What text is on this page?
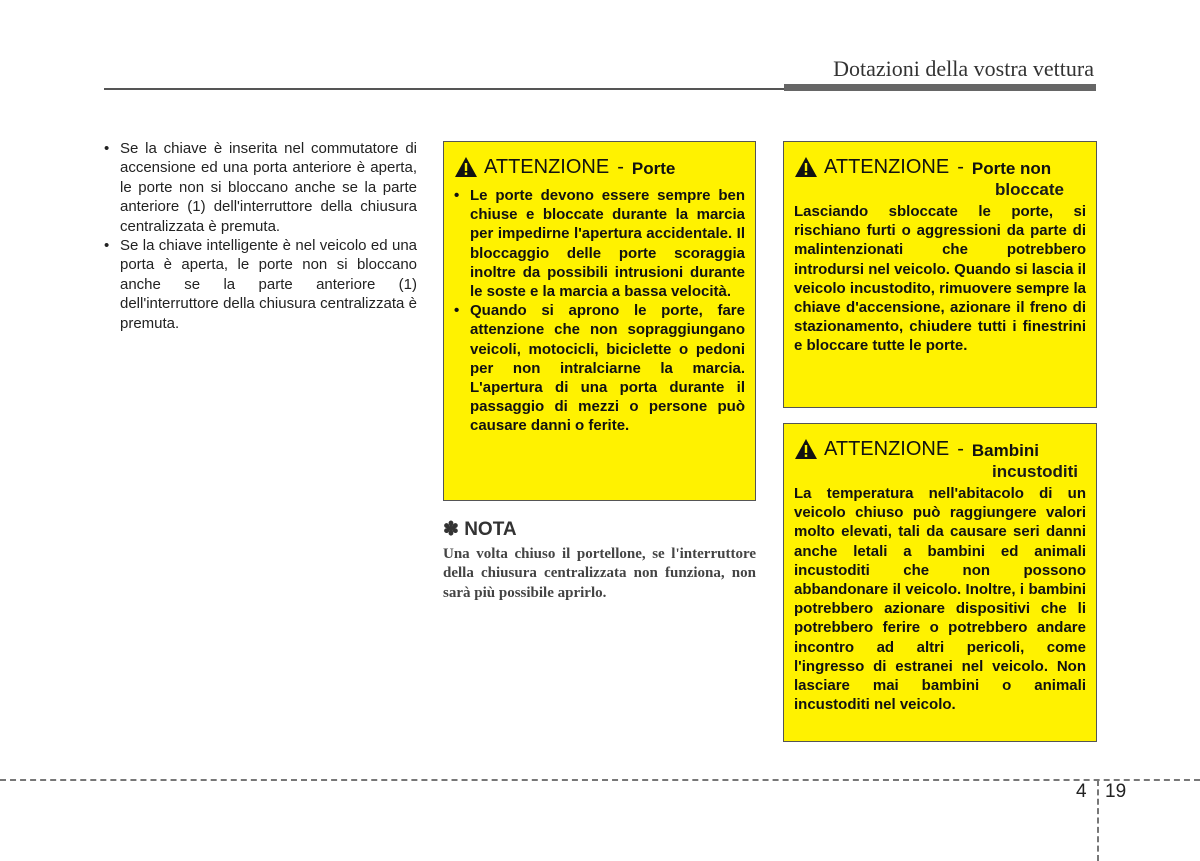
Dotazioni della vostra vettura
• Se la chiave è inserita nel commutatore di accensione ed una porta anteriore è aperta, le porte non si bloccano anche se la parte anteriore (1) dell'interruttore della chiusura centralizzata è premuta.
• Se la chiave intelligente è nel veicolo ed una porta è aperta, le porte non si bloccano anche se la parte anteriore (1) dell'interruttore della chiusura centralizzata è premuta.
ATTENZIONE - Porte
• Le porte devono essere sempre ben chiuse e bloccate durante la marcia per impedirne l'apertura accidentale. Il bloccaggio delle porte scoraggia inoltre da possibili intrusioni durante le soste e la marcia a bassa velocità.
• Quando si aprono le porte, fare attenzione che non sopraggiungano veicoli, motocicli, biciclette o pedoni per non intralciarne la marcia. L'apertura di una porta durante il passaggio di mezzi o persone può causare danni o ferite.
✽ NOTA
Una volta chiuso il portellone, se l'interruttore della chiusura centralizzata non funziona, non sarà più possibile aprirlo.
ATTENZIONE - Porte non
bloccate
Lasciando sbloccate le porte, si rischiano furti o aggressioni da parte di malintenzionati che potrebbero introdursi nel veicolo. Quando si lascia il veicolo incustodito, rimuovere sempre la chiave d'accensione, azionare il freno di stazionamento, chiudere tutti i finestrini e bloccare tutte le porte.
ATTENZIONE - Bambini
incustoditi
La temperatura nell'abitacolo di un veicolo chiuso può raggiungere valori molto elevati, tali da causare seri danni anche letali a bambini ed animali incustoditi che non possono abbandonare il veicolo. Inoltre, i bambini potrebbero azionare dispositivi che li potrebbero ferire o potrebbero andare incontro ad altri pericoli, come l'ingresso di estranei nel veicolo. Non lasciare mai bambini o animali incustoditi nel veicolo.
4 19
